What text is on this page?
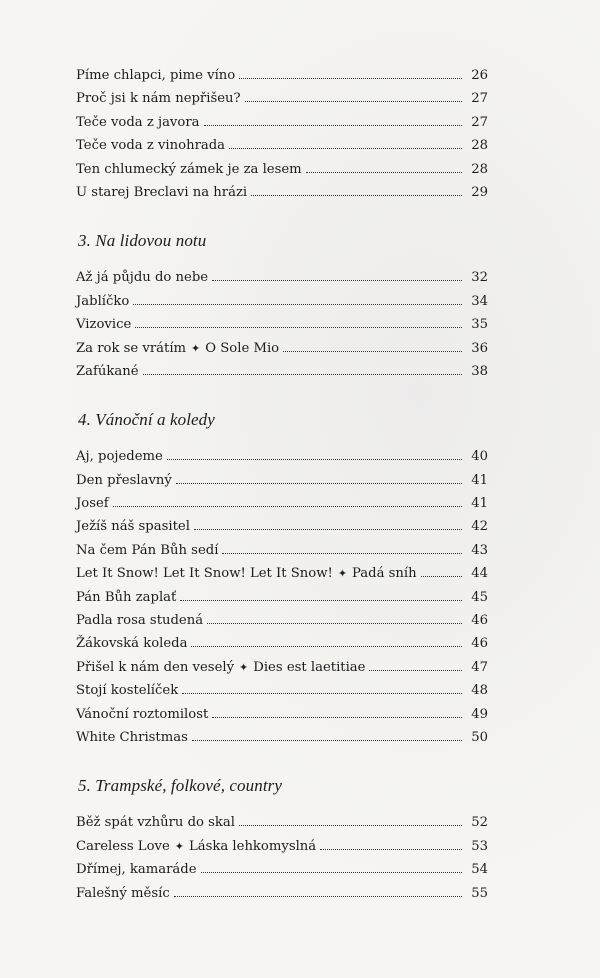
Píme chlapci, pime víno	26
Proč jsi k nám nepřišeu?	27
Teče voda z javora	27
Teče voda z vinohrada	28
Ten chlumecký zámek je za lesem	28
U starej Breclavi na hrázi	29
3. Na lidovou notu
Až já půjdu do nebe	32
Jablíčko	34
Vizovice	35
Za rok se vrátím ✦ O Sole Mio	36
Zafúkané	38
4. Vánoční a koledy
Aj, pojedeme	40
Den přeslavný	41
Josef	41
Ježíš náš spasitel	42
Na čem Pán Bůh sedí	43
Let It Snow! Let It Snow! Let It Snow! ✦ Padá sníh	44
Pán Bůh zaplať	45
Padla rosa studená	46
Žákovská koleda	46
Přišel k nám den veselý ✦ Dies est laetitiae	47
Stojí kostelíček	48
Vánoční roztomilost	49
White Christmas	50
5. Trampské, folkové, country
Běž spát vzhůru do skal	52
Careless Love ✦ Láska lehkomyslná	53
Dřímej, kamaráde	54
Falešný měsíc	55
